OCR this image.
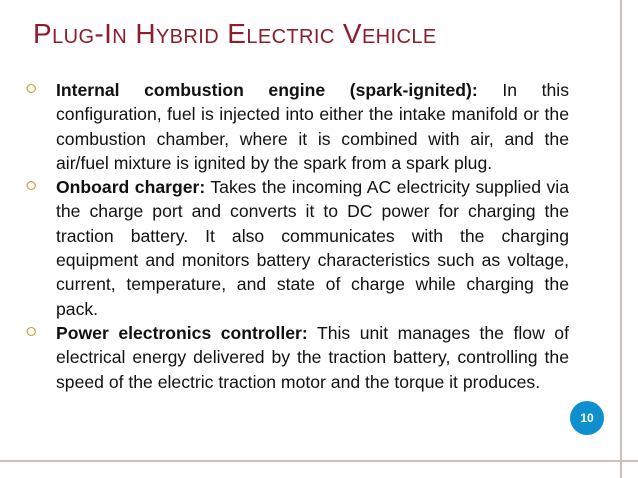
Plug-In Hybrid Electric Vehicle
⭘	Internal combustion engine (spark-ignited): In this configuration, fuel is injected into either the intake manifold or the combustion chamber, where it is combined with air, and the air/fuel mixture is ignited by the spark from a spark plug.
⭘	Onboard charger: Takes the incoming AC electricity supplied via the charge port and converts it to DC power for charging the traction battery. It also communicates with the charging equipment and monitors battery characteristics such as voltage, current, temperature, and state of charge while charging the pack.
⭘	Power electronics controller: This unit manages the flow of electrical energy delivered by the traction battery, controlling the speed of the electric traction motor and the torque it produces.
10
